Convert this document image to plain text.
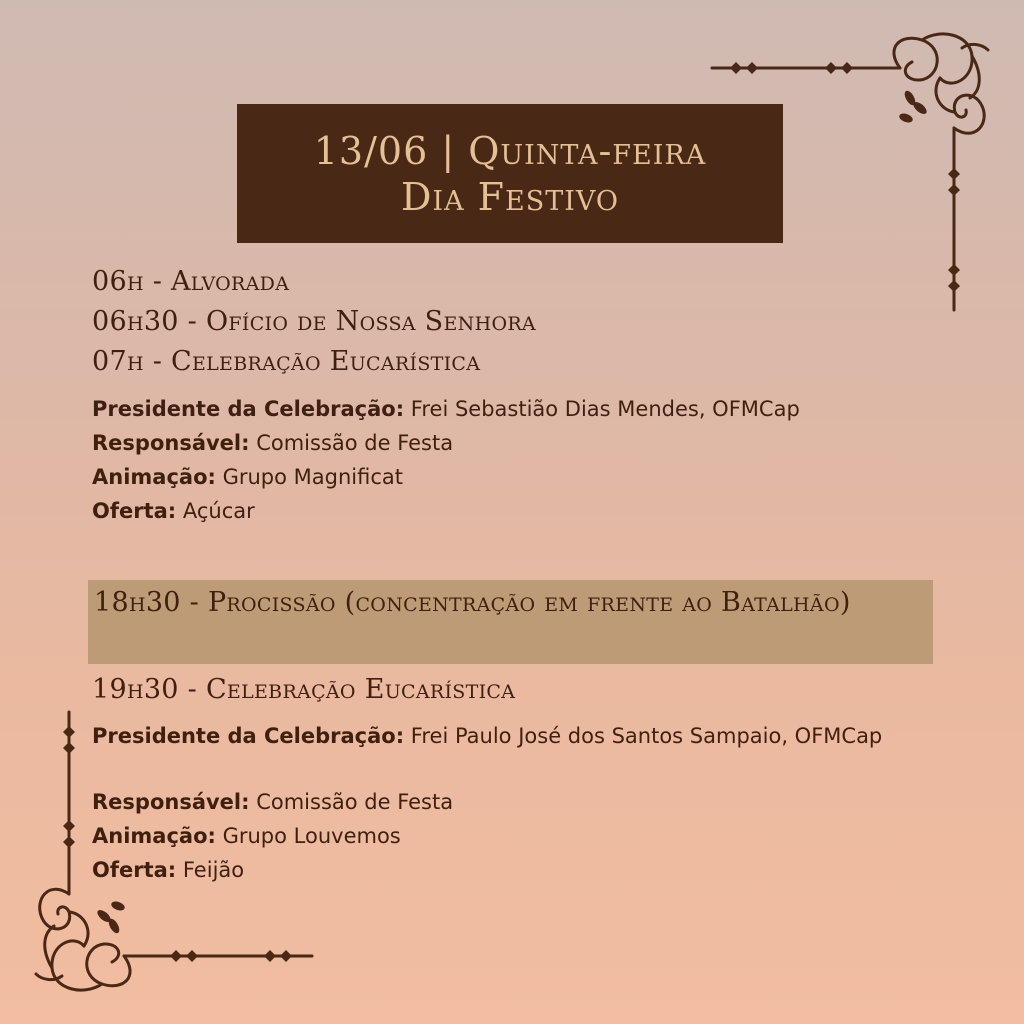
13/06 | Quinta-feira
Dia Festivo
06h - Alvorada
06h30 - Ofício de Nossa Senhora
07h - Celebração Eucarística
Presidente da Celebração: Frei Sebastião Dias Mendes, OFMCap
Responsável: Comissão de Festa
Animação: Grupo Magnificat
Oferta: Açúcar
18h30 - Procissão (concentração em frente ao Batalhão)
19h30 - Celebração Eucarística
Presidente da Celebração: Frei Paulo José dos Santos Sampaio, OFMCap
Responsável: Comissão de Festa
Animação: Grupo Louvemos
Oferta: Feijão
